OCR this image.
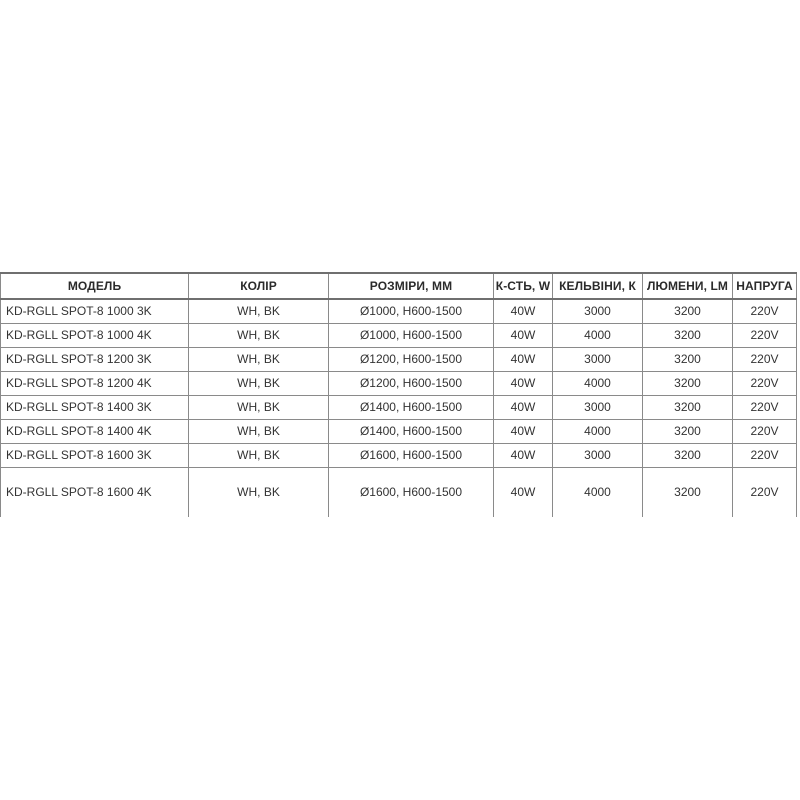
МОДЕЛЬ	КОЛІР	РОЗМІРИ, ММ	К-СТЬ, W	КЕЛЬВІНИ, К	ЛЮМЕНИ, LM	НАПРУГА
KD-RGLL SPOT-8 1000 3K	WH, BK	Ø1000, H600-1500	40W	3000	3200	220V
KD-RGLL SPOT-8 1000 4K	WH, BK	Ø1000, H600-1500	40W	4000	3200	220V
KD-RGLL SPOT-8 1200 3K	WH, BK	Ø1200, H600-1500	40W	3000	3200	220V
KD-RGLL SPOT-8 1200 4K	WH, BK	Ø1200, H600-1500	40W	4000	3200	220V
KD-RGLL SPOT-8 1400 3K	WH, BK	Ø1400, H600-1500	40W	3000	3200	220V
KD-RGLL SPOT-8 1400 4K	WH, BK	Ø1400, H600-1500	40W	4000	3200	220V
KD-RGLL SPOT-8 1600 3K	WH, BK	Ø1600, H600-1500	40W	3000	3200	220V
KD-RGLL SPOT-8 1600 4K	WH, BK	Ø1600, H600-1500	40W	4000	3200	220V
